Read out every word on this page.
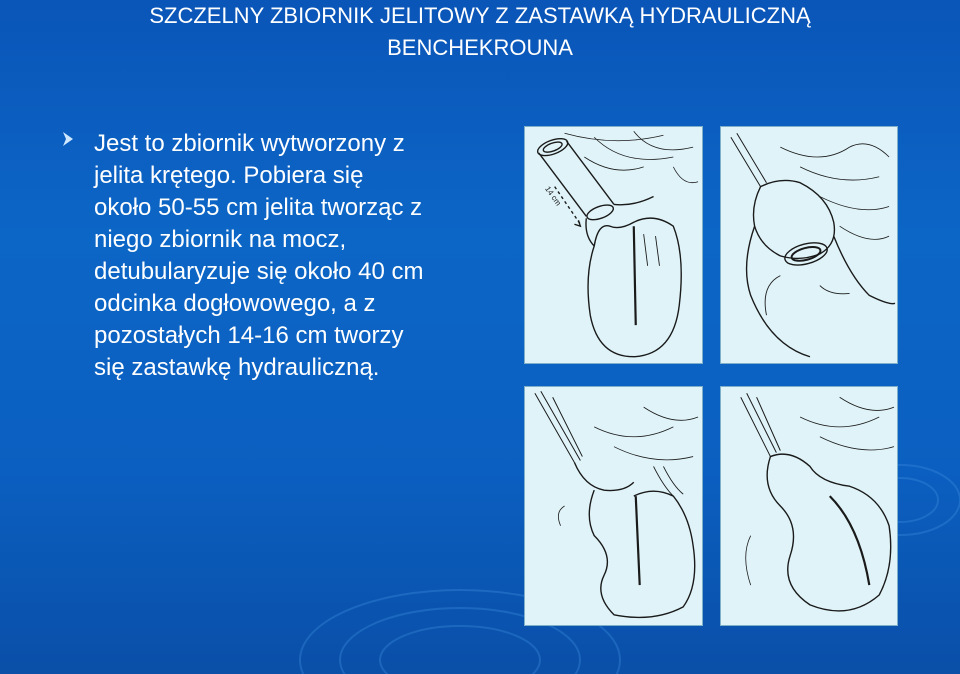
SZCZELNY ZBIORNIK JELITOWY Z ZASTAWKĄ HYDRAULICZNĄ
BENCHEKROUNA
Jest to zbiornik wytworzony z
jelita krętego. Pobiera się
około 50-55 cm jelita tworząc z
niego zbiornik na mocz,
detubularyzuje się około 40 cm
odcinka dogłowowego, a z
pozostałych 14-16 cm tworzy
się zastawkę hydrauliczną.
14 cm
